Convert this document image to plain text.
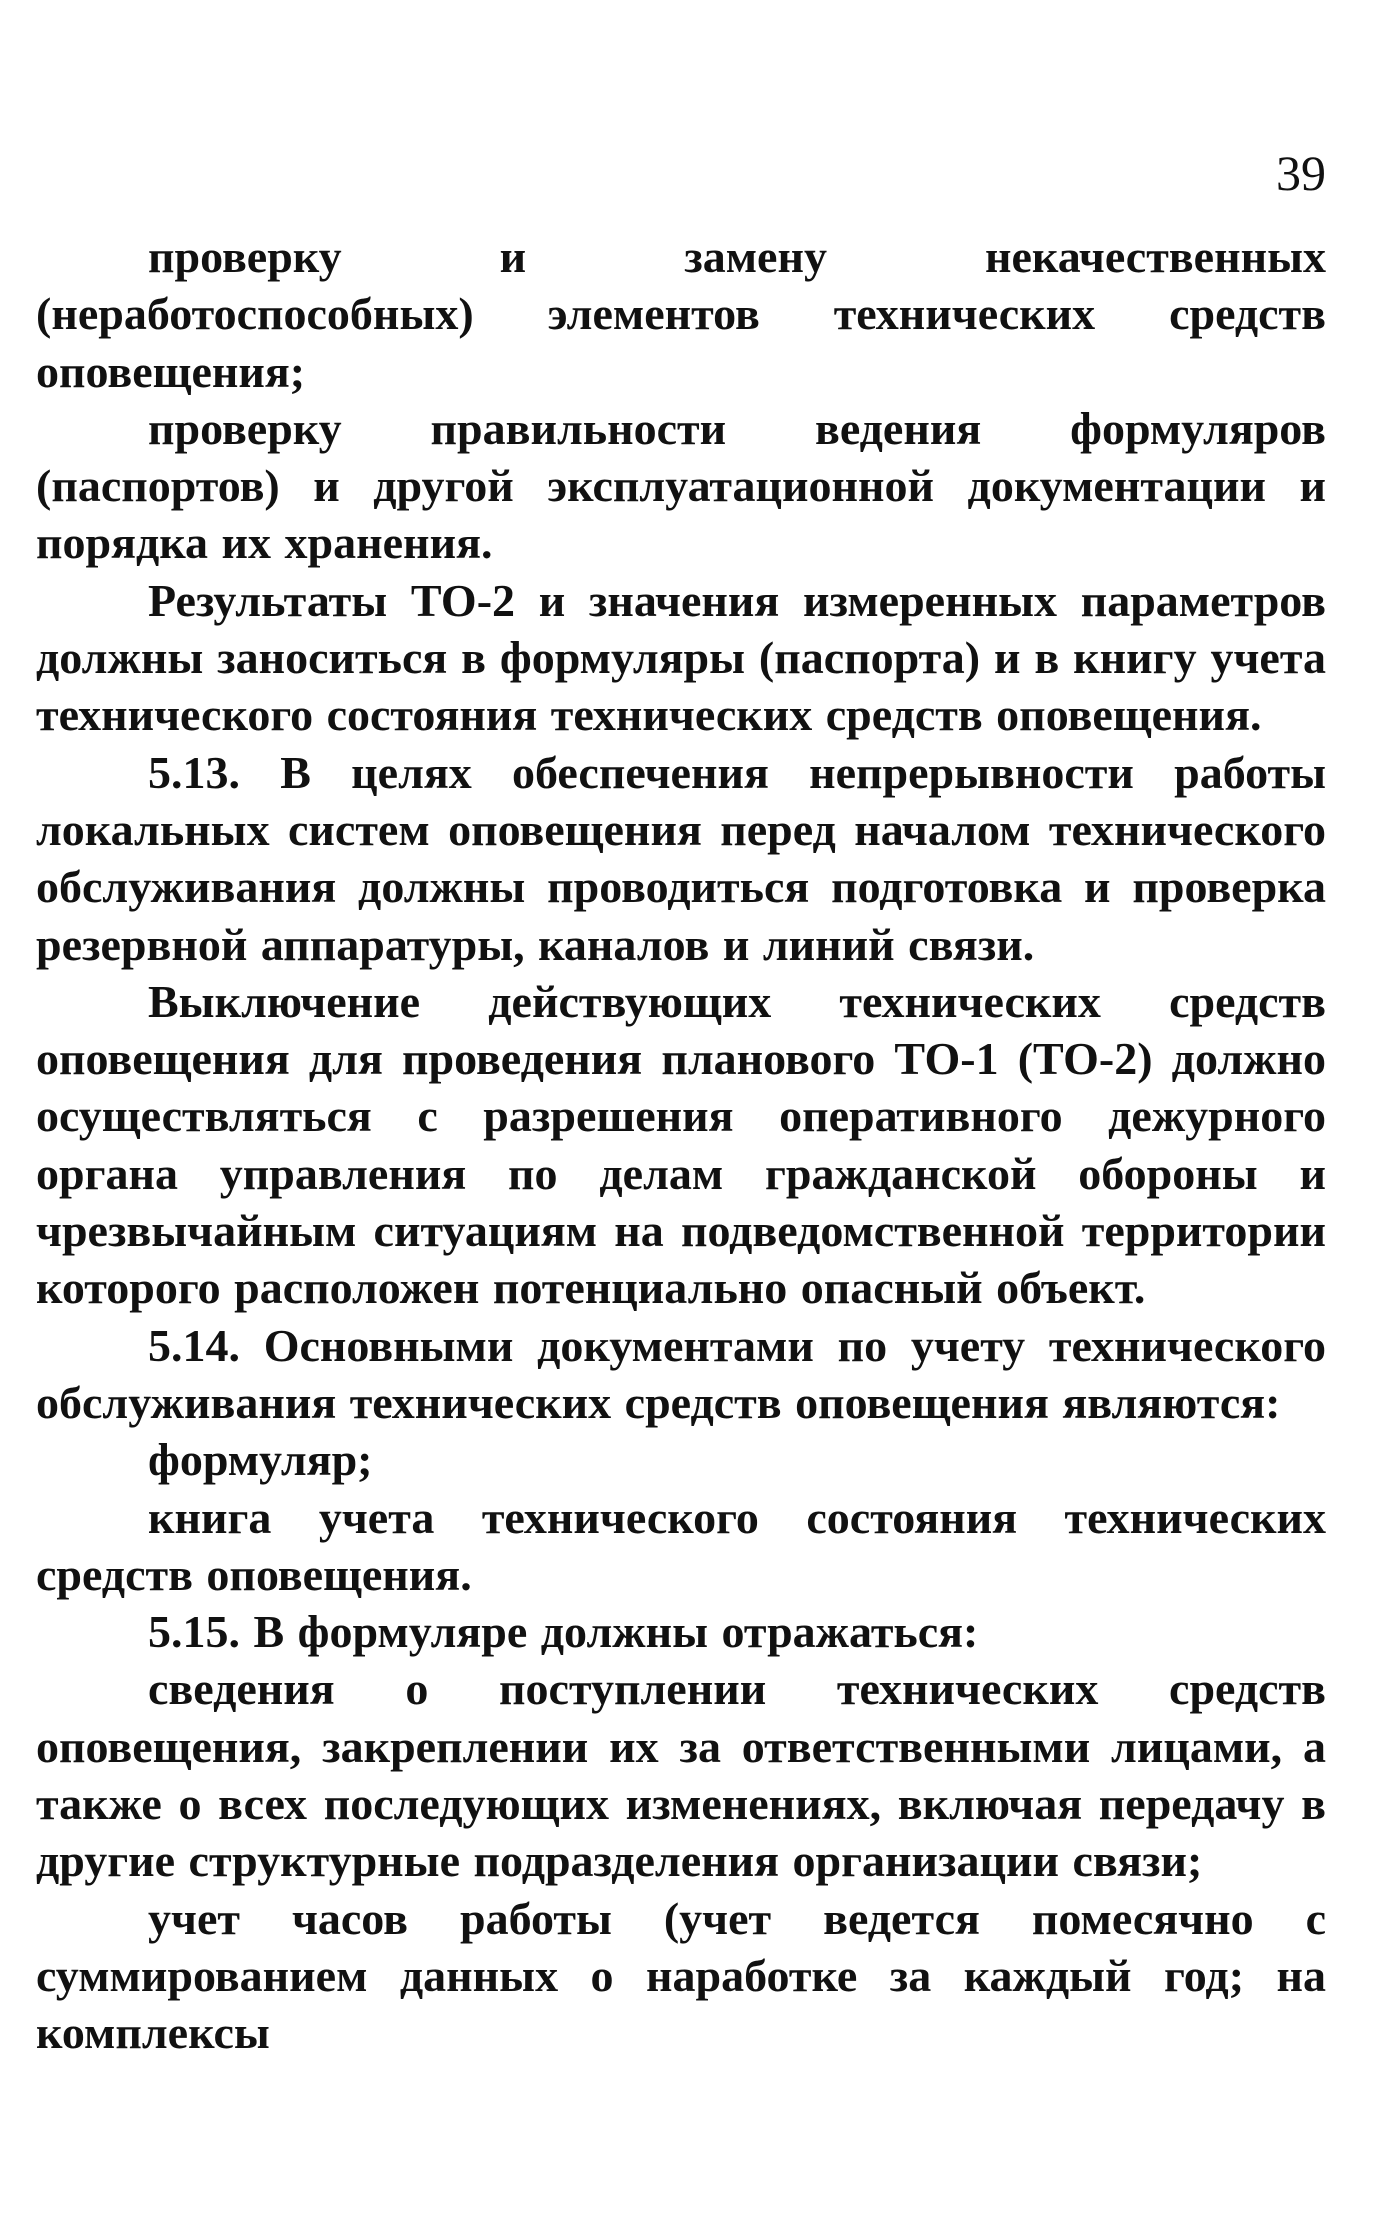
39

проверку и замену некачественных (неработоспособных) элементов технических средств оповещения;

проверку правильности ведения формуляров (паспортов) и другой эксплуатационной документации и порядка их хранения.

Результаты ТО-2 и значения измеренных параметров должны заноситься в формуляры (паспорта) и в книгу учета технического состояния технических средств оповещения.

5.13. В целях обеспечения непрерывности работы локальных систем оповещения перед началом технического обслуживания должны проводиться подготовка и проверка резервной аппаратуры, каналов и линий связи.

Выключение действующих технических средств оповещения для проведения планового ТО-1 (ТО-2) должно осуществляться с разрешения оперативного дежурного органа управления по делам гражданской обороны и чрезвычайным ситуациям на подведомственной территории которого расположен потенциально опасный объект.

5.14. Основными документами по учету технического обслуживания технических средств оповещения являются:

формуляр;

книга учета технического состояния технических средств оповещения.

5.15. В формуляре должны отражаться:

сведения о поступлении технических средств оповещения, закреплении их за ответственными лицами, а также о всех последующих изменениях, включая передачу в другие структурные подразделения организации связи;

учет часов работы (учет ведется помесячно с суммированием данных о наработке за каждый год; на комплексы
